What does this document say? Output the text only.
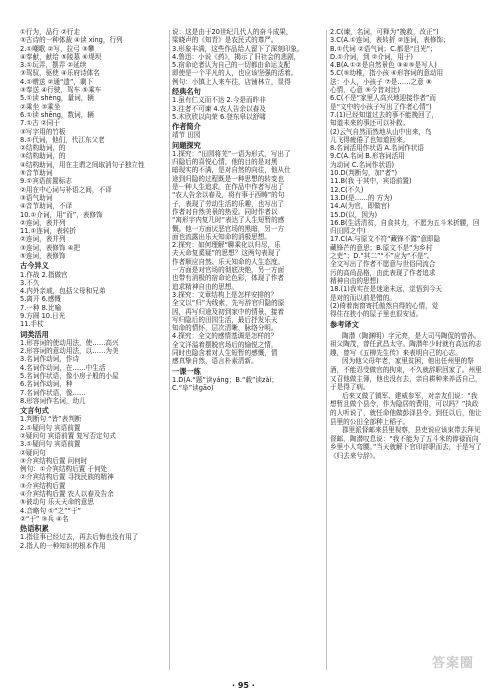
①行为，品行 ②行走
③古诗的一种体裁 ④读 xíng，行列
2.①嘲歌 ②写，拉弓 ③攀
④奉献，献给 ⑤陵墓 ⑥堤坝
3.①玩弄，摆弄 ②延续
③驾驭，驱使 ④乐府诗体名
4.①赠送 ②通“遗”，剩下
③奉送 ④行驶，驾车 ⑤乘车
5.①读 shèng，量词，辆
②乘坐 ③乘坐
6.①读 shēng，数词，辆
7.①古 ②同于
③写字用的竹板
8.①代词，他们，代江东父老
②结构助词，的
③结构助词，的
④结构助词，用在主谓之间取消句子独立性
⑤音节助词
9.①宾语前置标志
②用在中心词与补语之间，不译
③语气助词
④音节助词，不译
10.①介词，用“而”，表修饰
②连词，表并列
11.①连词，表转折
②连词，表并列
③连词，表修饰 ④把
⑤连词，表修饰
古今异义
1.作战 2.指做官
3.不久
4.内外亲戚，包括父母和兄弟
5.离开 6.感慨
7.一种 8.比喻
9.方圆 10.日光
11.手杖
词类活用
1.形容词的使动用法，使……高兴
2.形容词的意动用法，以……为美
3.名词作动词，作诗
4.名词作动词，在……中生活
5.名词作状语，像小房子般的小屋
6.名词作动词，种
7.名词作状语，像……
8.形容词作名词，幼儿
文言句式
1.判断句 “皆”表判断
2.①疑问句 宾语前置
②疑问句 宾语前置 复写否定句式
3.①疑问句 宾语前置
②疑问句
③介宾结构后置 问何时
例句：①介宾结构后置 于何处
②介宾结构后置 寻找民族的精神
③介宾结构后置
④介宾结构后置 农人以春及告余
⑤被动句 乐天天命的意思
4.音略句 ①“之”“于”
②“于” ③兵 ④名
热语积累
1.指往事已经过去，再去后悔也没有用了
2.指人的一种知识的根本作用
说：这是由于20世纪几代人的奋斗成果，
梁晓声的《知青》是农民式的尊严。
3.形象丰满，这些作品给人留下了深刻印象。
4.鲁迅：小说《药》，揭示了旧社会的悲剧，
5.宿命论者认为自己的一切都由命运支配
即使是一个平凡的人，也应该坚强的活着。
例句：小镇上人来车往，店铺林立，显得
经典名句
1.虽有仁义而不达 2.今是而昨非
3.往者不可谏 4.农人告余以春及
5.木欣欣以向荣 6.登东皋以舒啸
作者简介
靖节 田园
问题探究
1.探究：“田园将芜”一语为形式，写出了
归隐后的喜悦心情，他的目的是对黑
暗现实的不满，是对自然的向往，他从仕
途到归隐的过程既是一种思想的转变也
是一种人生追求。在作品中作者写出了
“农人告余以春及，将有事于西畴”的句
子，表现了劳动生活的乐趣，也写出了
作者对自然美景的热爱。同时作者以
“寓形宇内复几时”表达了人生短暂的感
慨。他一方面厌恶官场的黑暗，另一方
面也流露出乐天知命的消极思想。
2.探究：如何理解“聊乘化以归尽，乐
夫天命复奚疑”的思想？这两句表现了
作者顺应自然、乐天知命的人生态度。
一方面是对官场的彻底决绝，另一方面
也带有消极的宿命论色彩，体现了作者
追求精神自由的思想。
3.探究：文章结构上是怎样安排的？
全文以“归”为线索，先写辞官归隐的原
因，再写归途及初到家中的情景，接着
写归隐后的田园生活，最后抒发乐天
知命的情怀，层次清晰，脉络分明。
4.探究：全文的感情基调是怎样的？
全文洋溢着摆脱官场后的愉悦之情，
同时也隐含着对人生短暂的感慨，情
感真挚自然，语言朴素清新。
一课一练
1.D(A.“题”读yáng；B.“载”读zài；
C.“阜”读gāo)
2.C(谏，名词，可释为“挽救，改正”)
3.C(A.①连词，表转折 ②连词，表修饰；
B.①代词 ②语气词；C.都是“目光”；
D.①介词，到 ②介词，用于)
4.B(A.①②是自然景色 ③④⑤是写人)
5.C(⑤幼稚，指小孩 ⑥形容词的意动用
法：小人，小孩子 ⑦是……之意 ⑧
心情，心意 ⑨今昔对比)
6.C(不是“家里人高兴地迎接作者”而
是“文中的小孩子写出了作者心情”)
7.(1)已经知道过去的事不能挽回了，
知道未来的事还可以补救。
(2)云气自然而然地从山中出来，鸟
儿飞得疲倦了也知道回来。
8.名词活用作状语 A.名词作状语
9.C(A.名词 B.形容词活用
为动词 C.名词作状语)
10.D(判断句，加“者”)
11.B(我 于其中，宾语前置)
12.C(不久)
13.D(是……的 方为)
14.A(为官，即做官)
15.D(以，因为)
16.B(生活清贫，自食其力，不愿为五斗米折腰，回
归田园之中)
17.C(A.与原文不符“藏锋不露”意即隐
藏锋芒的意思；B.原文不是“为乡村
之吏”；D.“其二”“不”应为“不是”。
全文写出了作者不愿意与世俗同流合
污的高尚品格，由此表现了作者追求
精神自由的思想)
18.(1)我实在是迷途未远，觉悟到今天
是对的而以前是错的。
(2)倚着南窗寄托傲然自得的心情，觉
得住在狭小的屋子里也很安适。
参考译文

陶潜（陶渊明）字元亮，是大司马陶侃的曾孙。祖父陶茂，曾任武昌太守。陶潜年少时就有高远的志趣，曾写《五柳先生传》来表明自己的心志。

因为他父母年老，家里贫困，他出任州里的祭酒，不能忍受做官的拘束，不久就辞职回家了。州里又召他做主簿，他也没有去，亲自耕种来养活自己，于是得了病。

后来又做了镇军、建威参军，对亲友们说：“我想暂且做个县令，作为隐居的费用，可以吗？”执政的人听说了，就任命他做彭泽县令。到任以后，他让县里的公田全部种上稻子。

郡里派督邮来县里视察，县吏说应该束带去拜见督邮，陶潜叹息说：“我不能为了五斗米的俸禄而向乡里小人弯腰。”当天就解下官印辞职而去，于是写了《归去来兮辞》。

· 95 ·
答案圈
